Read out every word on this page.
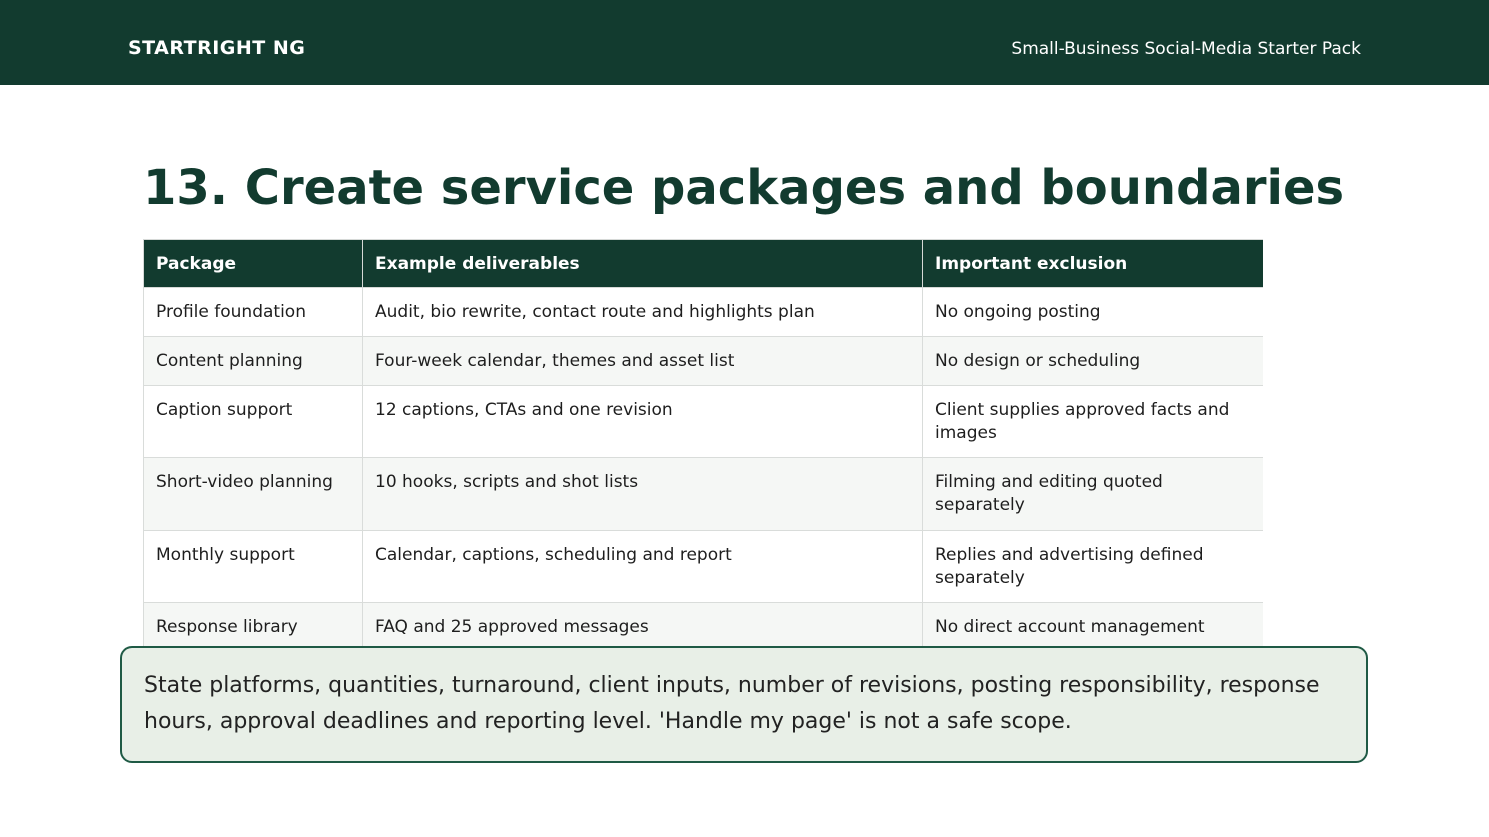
STARTRIGHT NG	Small-Business Social-Media Starter Pack
13. Create service packages and boundaries
Package	Example deliverables	Important exclusion
Profile foundation	Audit, bio rewrite, contact route and highlights plan	No ongoing posting
Content planning	Four-week calendar, themes and asset list	No design or scheduling
Caption support	12 captions, CTAs and one revision	Client supplies approved facts and images
Short-video planning	10 hooks, scripts and shot lists	Filming and editing quoted separately
Monthly support	Calendar, captions, scheduling and report	Replies and advertising defined separately
Response library	FAQ and 25 approved messages	No direct account management
State platforms, quantities, turnaround, client inputs, number of revisions, posting responsibility, response hours, approval deadlines and reporting level. 'Handle my page' is not a safe scope.
